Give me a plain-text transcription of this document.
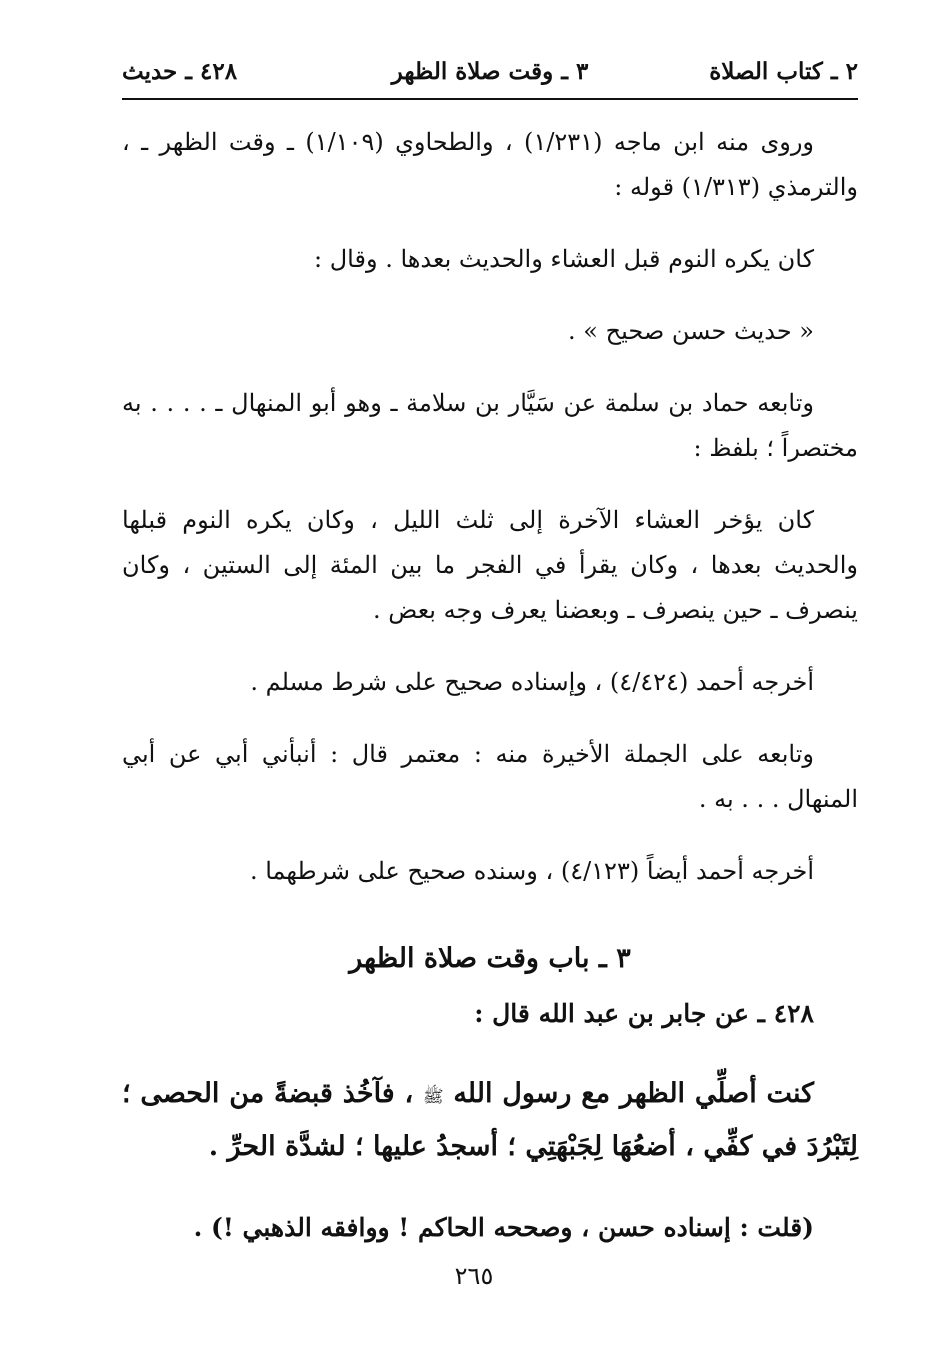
٢ ـ كتاب الصلاة
٣ ـ وقت صلاة الظهر
٤٢٨ ـ حديث

وروى منه ابن ماجه (١/٢٣١) ، والطحاوي (١/١٠٩) ـ وقت الظهر ـ ، والترمذي (١/٣١٣) قوله :

كان يكره النوم قبل العشاء والحديث بعدها . وقال :

« حديث حسن صحيح » .

وتابعه حماد بن سلمة عن سَيَّار بن سلامة ـ وهو أبو المنهال ـ . . . . به مختصراً ؛ بلفظ :

كان يؤخر العشاء الآخرة إلى ثلث الليل ، وكان يكره النوم قبلها والحديث بعدها ، وكان يقرأ في الفجر ما بين المئة إلى الستين ، وكان ينصرف ـ حين ينصرف ـ وبعضنا يعرف وجه بعض .

أخرجه أحمد (٤/٤٢٤) ، وإسناده صحيح على شرط مسلم .

وتابعه على الجملة الأخيرة منه : معتمر قال : أنبأني أبي عن أبي المنهال . . . به .

أخرجه أحمد أيضاً (٤/١٢٣) ، وسنده صحيح على شرطهما .

٣ ـ باب وقت صلاة الظهر

٤٢٨ ـ عن جابر بن عبد الله قال :

كنت أصلِّي الظهر مع رسول الله ﷺ ، فآخُذ قبضةً من الحصى ؛ لِتَبْرُدَ في كفِّي ، أضعُهَا لِجَبْهَتِي ؛ أسجدُ عليها ؛ لشدَّة الحرِّ .

(قلت : إسناده حسن ، وصححه الحاكم ! ووافقه الذهبي !) .

٢٦٥
